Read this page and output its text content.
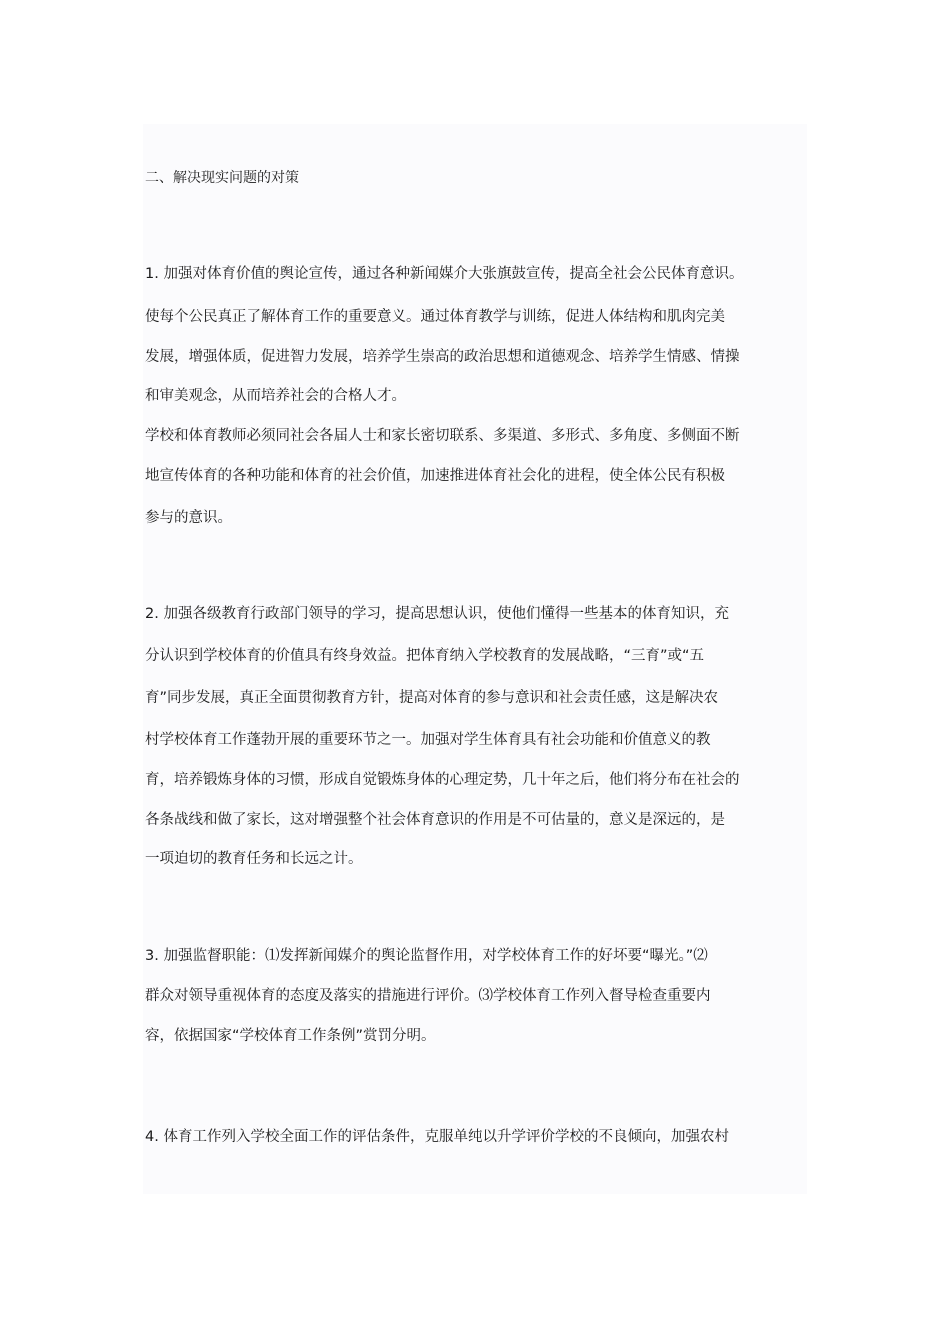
二、解决现实问题的对策
1. 加强对体育价值的舆论宣传，通过各种新闻媒介大张旗鼓宣传，提高全社会公民体育意识。
使每个公民真正了解体育工作的重要意义。通过体育教学与训练，促进人体结构和肌肉完美
发展，增强体质，促进智力发展，培养学生崇高的政治思想和道德观念、培养学生情感、情操
和审美观念，从而培养社会的合格人才。
学校和体育教师必须同社会各届人士和家长密切联系、多渠道、多形式、多角度、多侧面不断
地宣传体育的各种功能和体育的社会价值，加速推进体育社会化的进程，使全体公民有积极
参与的意识。
2. 加强各级教育行政部门领导的学习，提高思想认识，使他们懂得一些基本的体育知识，充
分认识到学校体育的价值具有终身效益。把体育纳入学校教育的发展战略，“三育”或“五
育”同步发展，真正全面贯彻教育方针，提高对体育的参与意识和社会责任感，这是解决农
村学校体育工作蓬勃开展的重要环节之一。加强对学生体育具有社会功能和价值意义的教
育，培养锻炼身体的习惯，形成自觉锻炼身体的心理定势，几十年之后，他们将分布在社会的
各条战线和做了家长，这对增强整个社会体育意识的作用是不可估量的，意义是深远的，是
一项迫切的教育任务和长远之计。
3. 加强监督职能：⑴发挥新闻媒介的舆论监督作用，对学校体育工作的好坏要“曝光。”⑵
群众对领导重视体育的态度及落实的措施进行评价。⑶学校体育工作列入督导检查重要内
容，依据国家“学校体育工作条例”赏罚分明。
4. 体育工作列入学校全面工作的评估条件，克服单纯以升学评价学校的不良倾向，加强农村
